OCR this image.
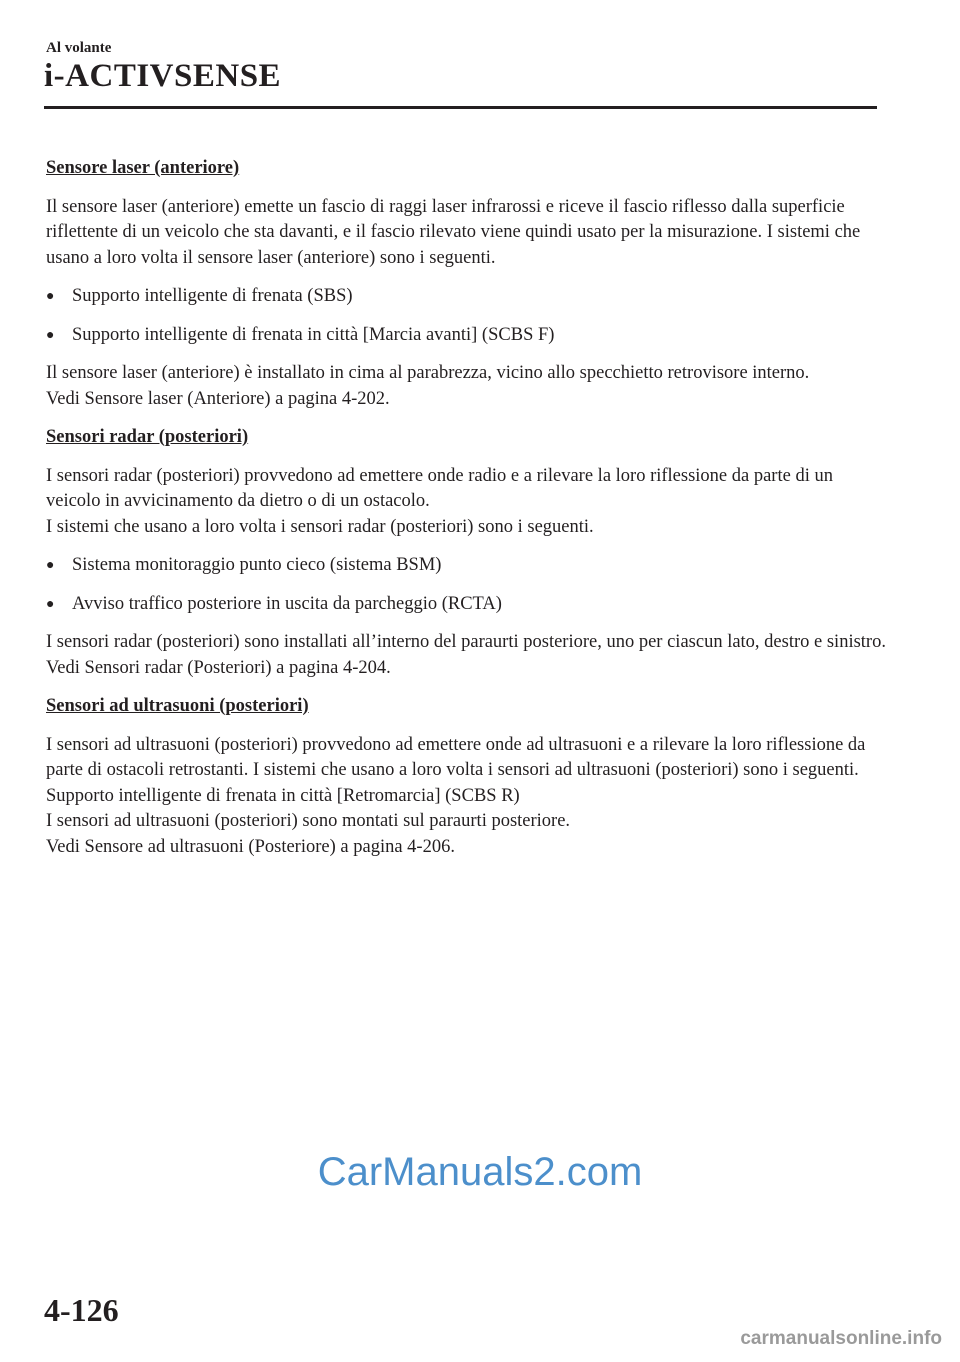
Al volante
i-ACTIVSENSE
Sensore laser (anteriore)

Il sensore laser (anteriore) emette un fascio di raggi laser infrarossi e riceve il fascio riflesso dalla superficie riflettente di un veicolo che sta davanti, e il fascio rilevato viene quindi usato per la misurazione. I sistemi che usano a loro volta il sensore laser (anteriore) sono i seguenti.

● Supporto intelligente di frenata (SBS)
● Supporto intelligente di frenata in città [Marcia avanti] (SCBS F)

Il sensore laser (anteriore) è installato in cima al parabrezza, vicino allo specchietto retrovisore interno.
Vedi Sensore laser (Anteriore) a pagina 4-202.

Sensori radar (posteriori)

I sensori radar (posteriori) provvedono ad emettere onde radio e a rilevare la loro riflessione da parte di un veicolo in avvicinamento da dietro o di un ostacolo.
I sistemi che usano a loro volta i sensori radar (posteriori) sono i seguenti.

● Sistema monitoraggio punto cieco (sistema BSM)
● Avviso traffico posteriore in uscita da parcheggio (RCTA)

I sensori radar (posteriori) sono installati all’interno del paraurti posteriore, uno per ciascun lato, destro e sinistro.
Vedi Sensori radar (Posteriori) a pagina 4-204.

Sensori ad ultrasuoni (posteriori)

I sensori ad ultrasuoni (posteriori) provvedono ad emettere onde ad ultrasuoni e a rilevare la loro riflessione da parte di ostacoli retrostanti. I sistemi che usano a loro volta i sensori ad ultrasuoni (posteriori) sono i seguenti.
Supporto intelligente di frenata in città [Retromarcia] (SCBS R)
I sensori ad ultrasuoni (posteriori) sono montati sul paraurti posteriore.
Vedi Sensore ad ultrasuoni (Posteriore) a pagina 4-206.

CarManuals2.com
4-126
carmanualsonline.info
